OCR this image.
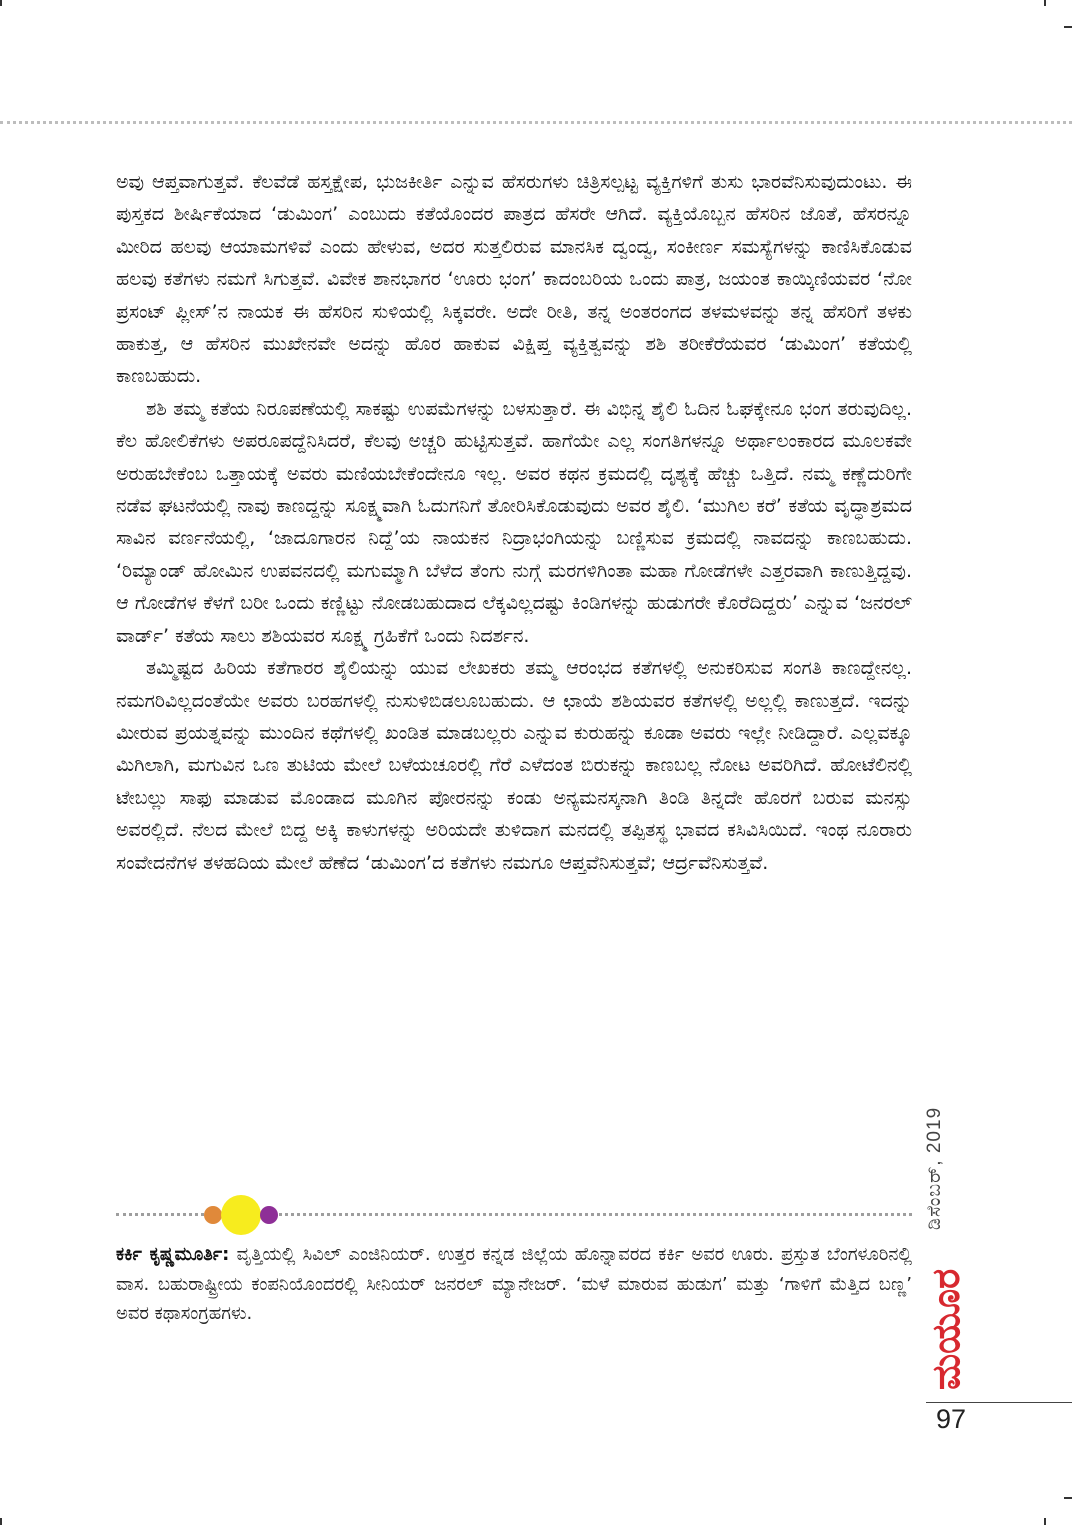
ಅವು ಆಪ್ತವಾಗುತ್ತವೆ. ಕೆಲವೆಡೆ ಹಸ್ತಕ್ಷೇಪ, ಭುಜಕೀರ್ತಿ ಎನ್ನುವ ಹೆಸರುಗಳು ಚಿತ್ರಿಸಲ್ಪಟ್ಟ ವ್ಯಕ್ತಿಗಳಿಗೆ ತುಸು ಭಾರವೆನಿಸುವುದುಂಟು. ಈ ಪುಸ್ತಕದ ಶೀರ್ಷಿಕೆಯಾದ ‘ಡುಮಿಂಗ’ ಎಂಬುದು ಕತೆಯೊಂದರ ಪಾತ್ರದ ಹೆಸರೇ ಆಗಿದೆ. ವ್ಯಕ್ತಿಯೊಬ್ಬನ ಹೆಸರಿನ ಜೊತೆ, ಹೆಸರನ್ನೂ ಮೀರಿದ ಹಲವು ಆಯಾಮಗಳಿವೆ ಎಂದು ಹೇಳುವ, ಅದರ ಸುತ್ತಲಿರುವ ಮಾನಸಿಕ ದ್ವಂದ್ವ, ಸಂಕೀರ್ಣ ಸಮಸ್ಯೆಗಳನ್ನು ಕಾಣಿಸಿಕೊಡುವ ಹಲವು ಕತೆಗಳು ನಮಗೆ ಸಿಗುತ್ತವೆ. ವಿವೇಕ ಶಾನಭಾಗರ ‘ಊರು ಭಂಗ’ ಕಾದಂಬರಿಯ ಒಂದು ಪಾತ್ರ, ಜಯಂತ ಕಾಯ್ಕಿಣಿಯವರ ‘ನೋ ಪ್ರಸಂಟ್ ಪ್ಲೀಸ್’ನ ನಾಯಕ ಈ ಹೆಸರಿನ ಸುಳಿಯಲ್ಲಿ ಸಿಕ್ಕವರೇ. ಅದೇ ರೀತಿ, ತನ್ನ ಅಂತರಂಗದ ತಳಮಳವನ್ನು ತನ್ನ ಹೆಸರಿಗೆ ತಳಕು ಹಾಕುತ್ತ, ಆ ಹೆಸರಿನ ಮುಖೇನವೇ ಅದನ್ನು ಹೊರ ಹಾಕುವ ವಿಕ್ಷಿಪ್ತ ವ್ಯಕ್ತಿತ್ವವನ್ನು ಶಶಿ ತರೀಕೆರೆಯವರ ‘ಡುಮಿಂಗ’ ಕತೆಯಲ್ಲಿ ಕಾಣಬಹುದು.

ಶಶಿ ತಮ್ಮ ಕತೆಯ ನಿರೂಪಣೆಯಲ್ಲಿ ಸಾಕಷ್ಟು ಉಪಮೆಗಳನ್ನು ಬಳಸುತ್ತಾರೆ. ಈ ವಿಭಿನ್ನ ಶೈಲಿ ಓದಿನ ಓಘಕ್ಕೇನೂ ಭಂಗ ತರುವುದಿಲ್ಲ. ಕೆಲ ಹೋಲಿಕೆಗಳು ಅಪರೂಪದ್ದೆನಿಸಿದರೆ, ಕೆಲವು ಅಚ್ಚರಿ ಹುಟ್ಟಿಸುತ್ತವೆ. ಹಾಗೆಯೇ ಎಲ್ಲ ಸಂಗತಿಗಳನ್ನೂ ಅರ್ಥಾಲಂಕಾರದ ಮೂಲಕವೇ ಅರುಹಬೇಕೆಂಬ ಒತ್ತಾಯಕ್ಕೆ ಅವರು ಮಣಿಯಬೇಕೆಂದೇನೂ ಇಲ್ಲ. ಅವರ ಕಥನ ಕ್ರಮದಲ್ಲಿ ದೃಶ್ಯಕ್ಕೆ ಹೆಚ್ಚು ಒತ್ತಿದೆ. ನಮ್ಮ ಕಣ್ಣೆದುರಿಗೇ ನಡೆವ ಘಟನೆಯಲ್ಲಿ ನಾವು ಕಾಣದ್ದನ್ನು ಸೂಕ್ಷ್ಮವಾಗಿ ಓದುಗನಿಗೆ ತೋರಿಸಿಕೊಡುವುದು ಅವರ ಶೈಲಿ. ‘ಮುಗಿಲ ಕರೆ’ ಕತೆಯ ವೃದ್ಧಾಶ್ರಮದ ಸಾವಿನ ವರ್ಣನೆಯಲ್ಲಿ, ‘ಜಾದೂಗಾರನ ನಿದ್ದೆ’ಯ ನಾಯಕನ ನಿದ್ರಾಭಂಗಿಯನ್ನು ಬಣ್ಣಿಸುವ ಕ್ರಮದಲ್ಲಿ ನಾವದನ್ನು ಕಾಣಬಹುದು. ‘ರಿಮ್ಯಾಂಡ್ ಹೋಮಿನ ಉಪವನದಲ್ಲಿ ಮಗುಮ್ಮಾಗಿ ಬೆಳೆದ ತೆಂಗು ನುಗ್ಗೆ ಮರಗಳಿಗಿಂತಾ ಮಹಾ ಗೋಡೆಗಳೇ ಎತ್ತರವಾಗಿ ಕಾಣುತ್ತಿದ್ದವು. ಆ ಗೋಡೆಗಳ ಕೆಳಗೆ ಬರೀ ಒಂದು ಕಣ್ಣಿಟ್ಟು ನೋಡಬಹುದಾದ ಲೆಕ್ಕವಿಲ್ಲದಷ್ಟು ಕಿಂಡಿಗಳನ್ನು ಹುಡುಗರೇ ಕೊರೆದಿದ್ದರು’ ಎನ್ನುವ ‘ಜನರಲ್ ವಾರ್ಡ್’ ಕತೆಯ ಸಾಲು ಶಶಿಯವರ ಸೂಕ್ಷ್ಮ ಗ್ರಹಿಕೆಗೆ ಒಂದು ನಿದರ್ಶನ.

ತಮ್ಮಿಷ್ಟದ ಹಿರಿಯ ಕತೆಗಾರರ ಶೈಲಿಯನ್ನು ಯುವ ಲೇಖಕರು ತಮ್ಮ ಆರಂಭದ ಕತೆಗಳಲ್ಲಿ ಅನುಕರಿಸುವ ಸಂಗತಿ ಕಾಣದ್ದೇನಲ್ಲ. ನಮಗರಿವಿಲ್ಲದಂತೆಯೇ ಅವರು ಬರಹಗಳಲ್ಲಿ ನುಸುಳಿಬಿಡಲೂಬಹುದು. ಆ ಛಾಯೆ ಶಶಿಯವರ ಕತೆಗಳಲ್ಲಿ ಅಲ್ಲಲ್ಲಿ ಕಾಣುತ್ತದೆ. ಇದನ್ನು ಮೀರುವ ಪ್ರಯತ್ನವನ್ನು ಮುಂದಿನ ಕಥೆಗಳಲ್ಲಿ ಖಂಡಿತ ಮಾಡಬಲ್ಲರು ಎನ್ನುವ ಕುರುಹನ್ನು ಕೂಡಾ ಅವರು ಇಲ್ಲೇ ನೀಡಿದ್ದಾರೆ. ಎಲ್ಲವಕ್ಕೂ ಮಿಗಿಲಾಗಿ, ಮಗುವಿನ ಒಣ ತುಟಿಯ ಮೇಲೆ ಬಳೆಯಚೂರಲ್ಲಿ ಗೆರೆ ಎಳೆದಂತ ಬಿರುಕನ್ನು ಕಾಣಬಲ್ಲ ನೋಟ ಅವರಿಗಿದೆ. ಹೋಟೆಲಿನಲ್ಲಿ ಟೇಬಲ್ಲು ಸಾಫು ಮಾಡುವ ಮೊಂಡಾದ ಮೂಗಿನ ಪೋರನನ್ನು ಕಂಡು ಅನ್ಯಮನಸ್ಕನಾಗಿ ತಿಂಡಿ ತಿನ್ನದೇ ಹೊರಗೆ ಬರುವ ಮನಸ್ಸು ಅವರಲ್ಲಿದೆ. ನೆಲದ ಮೇಲೆ ಬಿದ್ದ ಅಕ್ಕಿ ಕಾಳುಗಳನ್ನು ಅರಿಯದೇ ತುಳಿದಾಗ ಮನದಲ್ಲಿ ತಪ್ಪಿತಸ್ಥ ಭಾವದ ಕಸಿವಿಸಿಯಿದೆ. ಇಂಥ ನೂರಾರು ಸಂವೇದನೆಗಳ ತಳಹದಿಯ ಮೇಲೆ ಹೆಣೆದ ‘ಡುಮಿಂಗ’ದ ಕತೆಗಳು ನಮಗೂ ಆಪ್ತವೆನಿಸುತ್ತವೆ; ಆರ್ದ್ರವೆನಿಸುತ್ತವೆ.

ಕರ್ಕಿ ಕೃಷ್ಣಮೂರ್ತಿ: ವೃತ್ತಿಯಲ್ಲಿ ಸಿವಿಲ್ ಎಂಜಿನಿಯರ್. ಉತ್ತರ ಕನ್ನಡ ಜಿಲ್ಲೆಯ ಹೊನ್ನಾವರದ ಕರ್ಕಿ ಅವರ ಊರು. ಪ್ರಸ್ತುತ ಬೆಂಗಳೂರಿನಲ್ಲಿ ವಾಸ. ಬಹುರಾಷ್ಟ್ರೀಯ ಕಂಪನಿಯೊಂದರಲ್ಲಿ ಸೀನಿಯರ್ ಜನರಲ್ ಮ್ಯಾನೇಜರ್. ‘ಮಳೆ ಮಾರುವ ಹುಡುಗ’ ಮತ್ತು ‘ಗಾಳಿಗೆ ಮೆತ್ತಿದ ಬಣ್ಣ’ ಅವರ ಕಥಾಸಂಗ್ರಹಗಳು.
ಡಿಸೆಂಬರ್, 2019
ಮಯೂರ
97
